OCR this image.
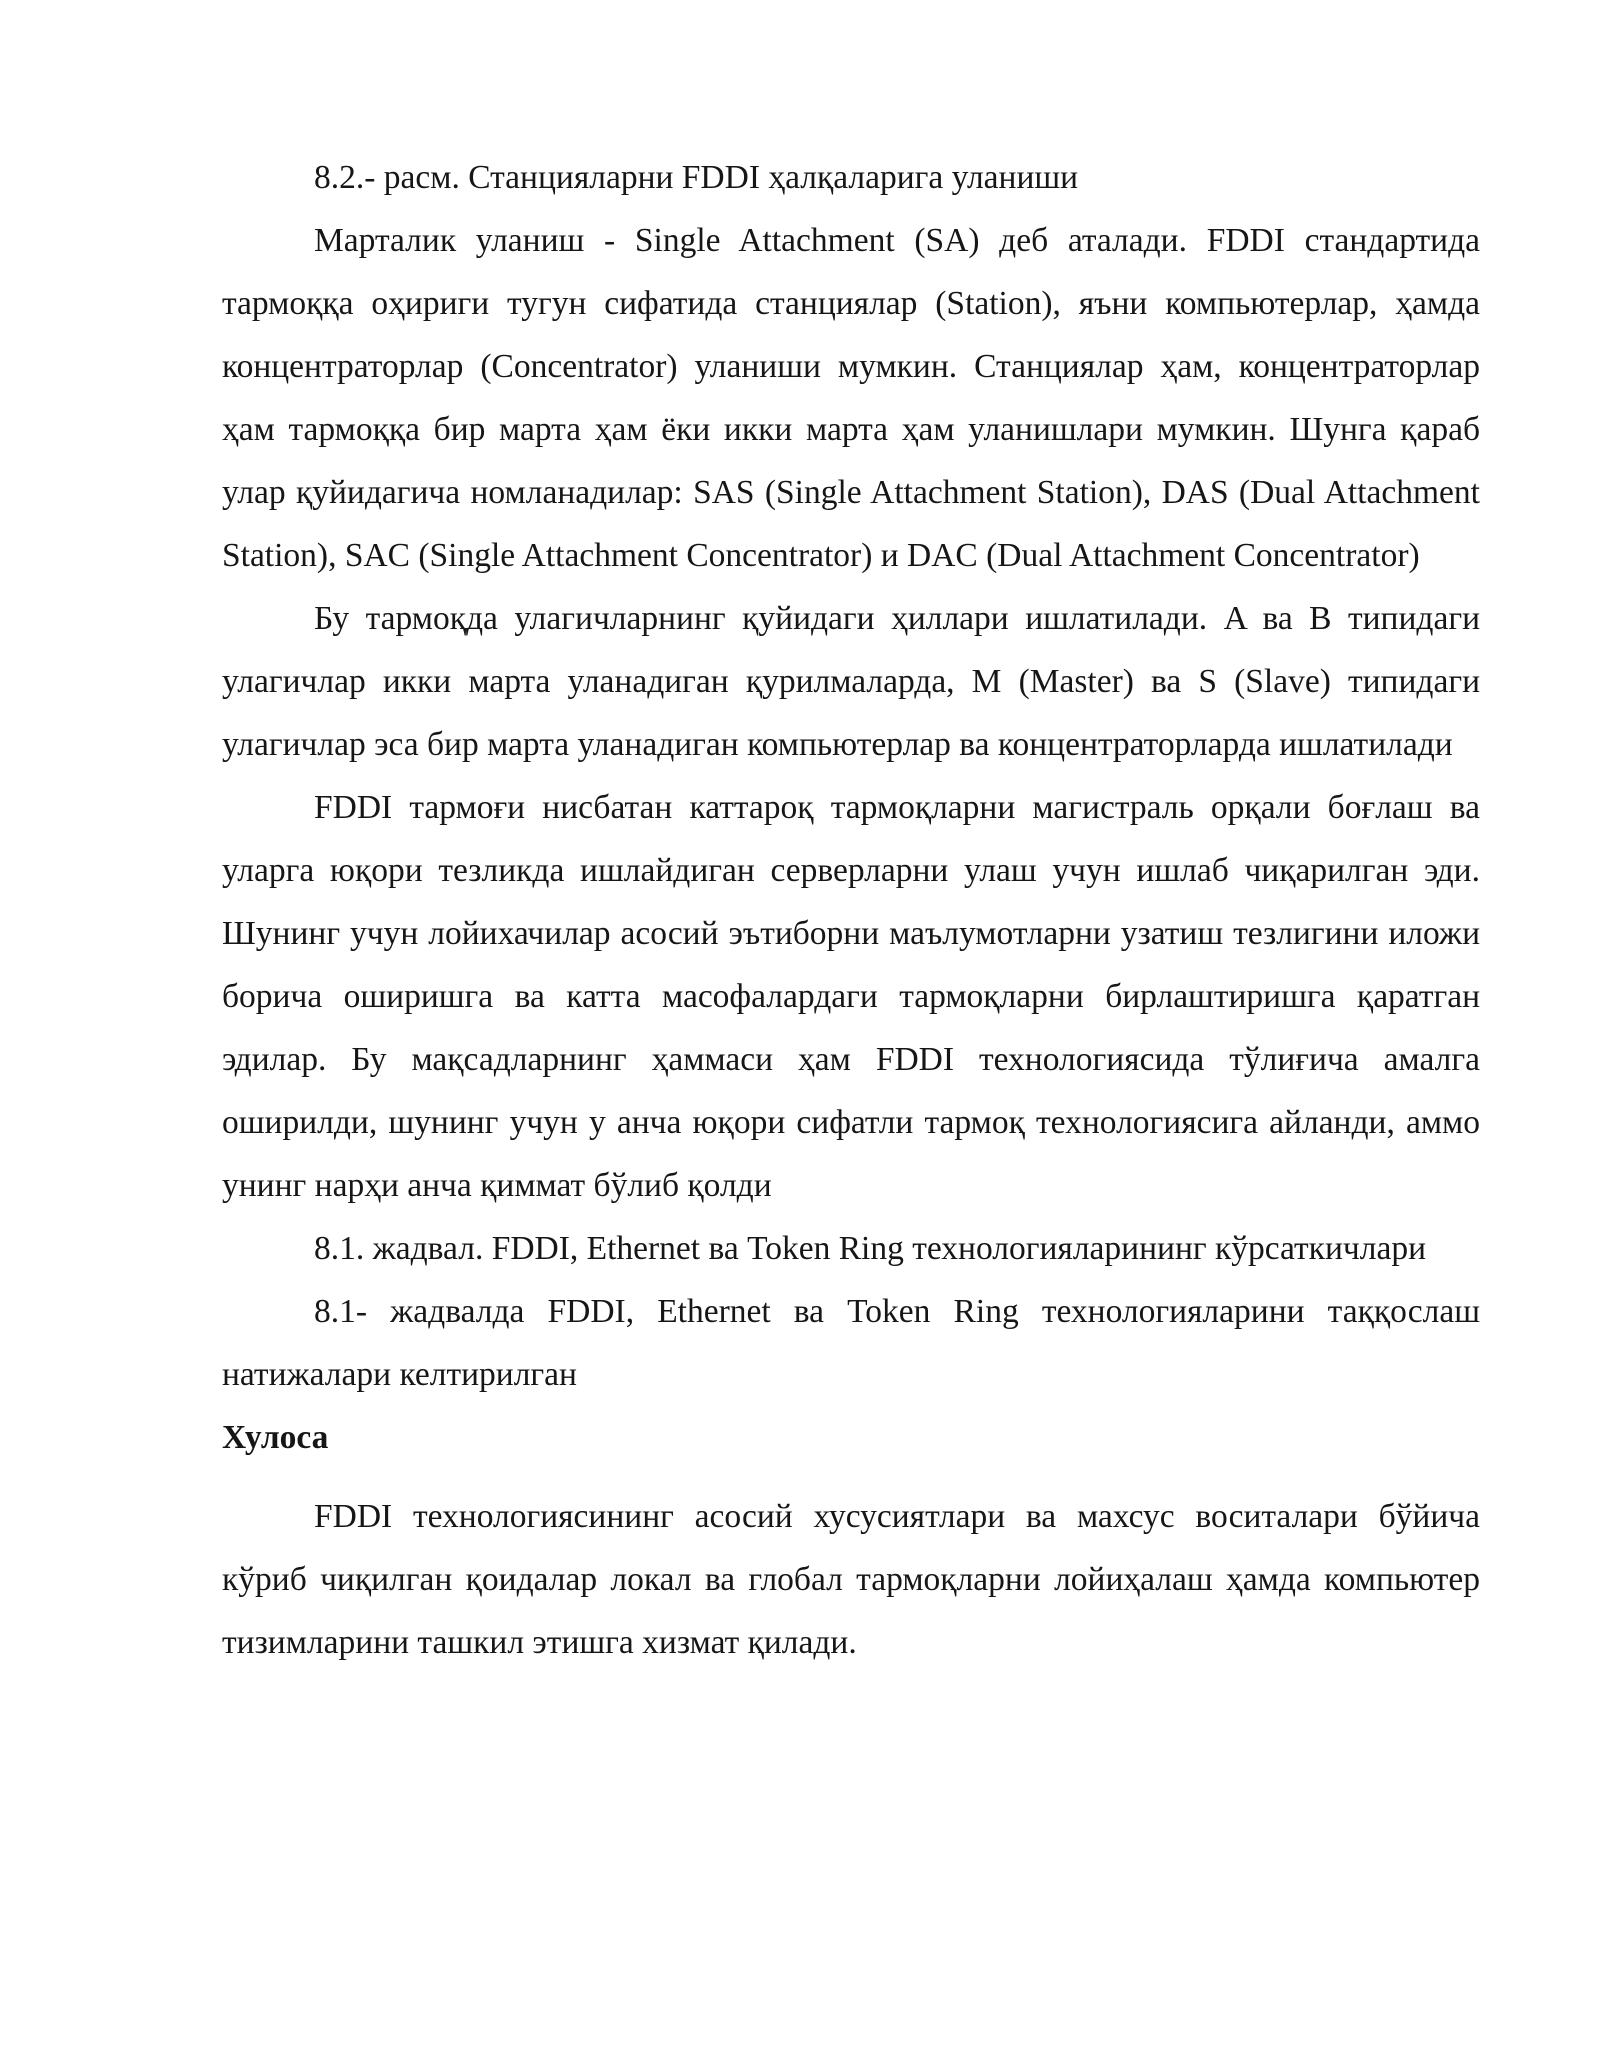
8.2.- расм. Станцияларни FDDI ҳалқаларига уланиши

Марталик уланиш - Single Attachment (SA) деб аталади. FDDI стандартида тармоққа оҳириги тугун сифатида станциялар (Station), яъни компьютерлар, ҳамда концентраторлар (Concentrator) уланиши мумкин. Станциялар ҳам, концентраторлар ҳам тармоққа бир марта ҳам ёки икки марта ҳам уланишлари мумкин. Шунга қараб улар қуйидагича номланадилар: SAS (Single Attachment Station), DAS (Dual Attachment Station), SAC (Single Attachment Concentrator) и DAC (Dual Attachment Concentrator)

Бу тармоқда улагичларнинг қуйидаги ҳиллари ишлатилади. A ва B типидаги улагичлар икки марта уланадиган қурилмаларда, M (Master) ва S (Slave) типидаги улагичлар эса бир марта уланадиган компьютерлар ва концентраторларда ишлатилади

FDDI тармоғи нисбатан каттароқ тармоқларни магистраль орқали боғлаш ва уларга юқори тезликда ишлайдиган серверларни улаш учун ишлаб чиқарилган эди. Шунинг учун лойихачилар асосий эътиборни маълумотларни узатиш тезлигини иложи борича оширишга ва катта масофалардаги тармоқларни бирлаштиришга қаратган эдилар. Бу мақсадларнинг ҳаммаси ҳам FDDI технологиясида тўлиғича амалга оширилди, шунинг учун у анча юқори сифатли тармоқ технологиясига айланди, аммо унинг нарҳи анча қиммат бўлиб қолди

8.1. жадвал. FDDI, Ethernet ва Token Ring технологияларининг кўрсаткичлари

8.1- жадвалда FDDI, Ethernet ва Token Ring технологияларини таққослаш натижалари келтирилган

Хулоса

FDDI технологиясининг асосий хусусиятлари ва махсус воситалари бўйича кўриб чиқилган қоидалар локал ва глобал тармоқларни лойиҳалаш ҳамда компьютер тизимларини ташкил этишга хизмат қилади.
